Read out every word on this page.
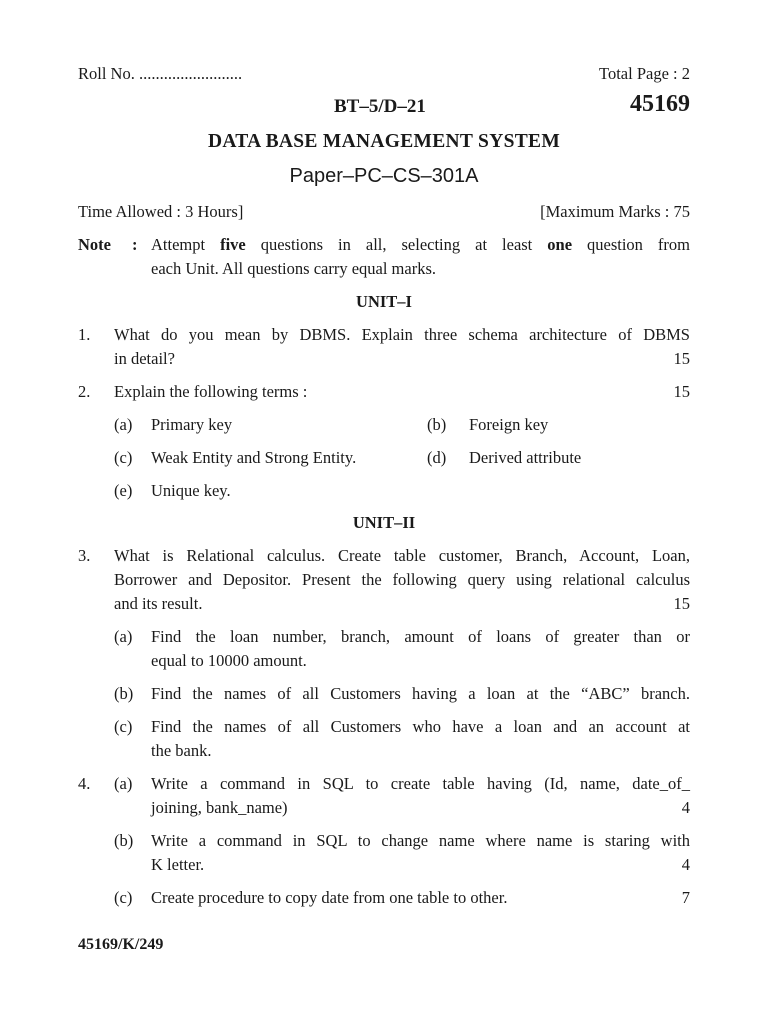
Roll No. .........................	Total Page : 2
BT–5/D–21	45169
DATA BASE MANAGEMENT SYSTEM
Paper–PC–CS–301A
Time Allowed : 3 Hours]	[Maximum Marks : 75
Note : Attempt five questions in all, selecting at least one question from
each Unit. All questions carry equal marks.
UNIT–I
1. What do you mean by DBMS. Explain three schema architecture of DBMS
in detail?	15
2. Explain the following terms :	15
(a) Primary key	(b) Foreign key
(c) Weak Entity and Strong Entity.	(d) Derived attribute
(e) Unique key.
UNIT–II
3. What is Relational calculus. Create table customer, Branch, Account, Loan,
Borrower and Depositor. Present the following query using relational calculus
and its result.	15
(a) Find the loan number, branch, amount of loans of greater than or
equal to 10000 amount.
(b) Find the names of all Customers having a loan at the “ABC” branch.
(c) Find the names of all Customers who have a loan and an account at
the bank.
4. (a) Write a command in SQL to create table having (Id, name, date_of_
joining, bank_name)	4
(b) Write a command in SQL to change name where name is staring with
K letter.	4
(c) Create procedure to copy date from one table to other.	7
45169/K/249
